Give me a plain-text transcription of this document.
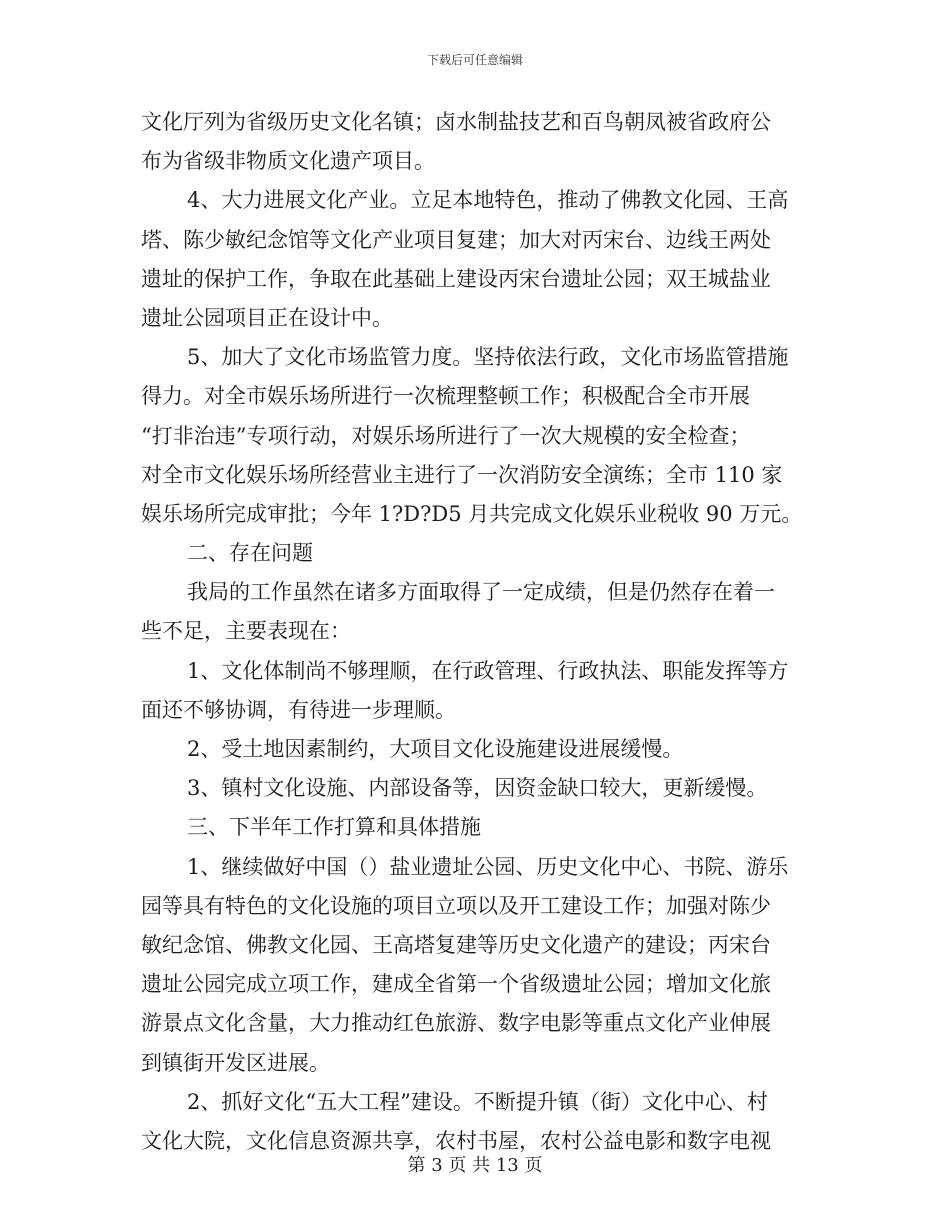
下载后可任意编辑
文化厅列为省级历史文化名镇；卤水制盐技艺和百鸟朝凤被省政府公
布为省级非物质文化遗产项目。
4、大力进展文化产业。立足本地特色，推动了佛教文化园、王高
塔、陈少敏纪念馆等文化产业项目复建；加大对丙宋台、边线王两处
遗址的保护工作，争取在此基础上建设丙宋台遗址公园；双王城盐业
遗址公园项目正在设计中。
5、加大了文化市场监管力度。坚持依法行政，文化市场监管措施
得力。对全市娱乐场所进行一次梳理整顿工作；积极配合全市开展
“打非治违”专项行动，对娱乐场所进行了一次大规模的安全检查；
对全市文化娱乐场所经营业主进行了一次消防安全演练；全市 110 家
娱乐场所完成审批；今年 1?D?D5 月共完成文化娱乐业税收 90 万元。
二、存在问题
我局的工作虽然在诸多方面取得了一定成绩，但是仍然存在着一
些不足，主要表现在：
1、文化体制尚不够理顺，在行政管理、行政执法、职能发挥等方
面还不够协调，有待进一步理顺。
2、受土地因素制约，大项目文化设施建设进展缓慢。
3、镇村文化设施、内部设备等，因资金缺口较大，更新缓慢。
三、下半年工作打算和具体措施
1、继续做好中国（）盐业遗址公园、历史文化中心、书院、游乐
园等具有特色的文化设施的项目立项以及开工建设工作；加强对陈少
敏纪念馆、佛教文化园、王高塔复建等历史文化遗产的建设；丙宋台
遗址公园完成立项工作，建成全省第一个省级遗址公园；增加文化旅
游景点文化含量，大力推动红色旅游、数字电影等重点文化产业伸展
到镇街开发区进展。
2、抓好文化“五大工程”建设。不断提升镇（街）文化中心、村
文化大院，文化信息资源共享，农村书屋，农村公益电影和数字电视
第 3 页 共 13 页
